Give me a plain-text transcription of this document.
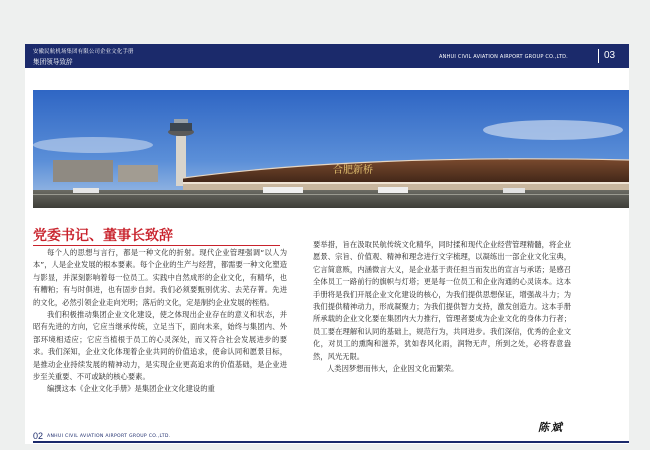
安徽民航机场集团有限公司企业文化手册
集团领导致辞
ANHUI CIVIL AVIATION AIRPORT GROUP CO.,LTD.	03
合肥新桥
党委书记、董事长致辞

每个人的思想与言行，都是一种文化的折射。现代企业管理强调“以人为本”，人是企业发展的根本要素。每个企业的生产与经营，都需要一种文化塑造与影显，并深刻影响着每一位员工。实践中自然成形的企业文化，有精华，也有糟粕；有与时俱进，也有固步自封。我们必须要甄别优劣、去芜存菁。先进的文化，必然引领企业走向光明；落后的文化，定是制约企业发展的桎梏。

我们积极推动集团企业文化建设，使之体现出企业存在的意义和状态，并昭有先进的方向，它应当继承传统，立足当下，面向未来，始终与集团内、外部环境相适应；它应当植根于员工的心灵深处，而又符合社会发展进步的要求。我们深知，企业文化体现着企业共同的价值追求，使命认同和愿景目标，是推动企业持续发展的精神动力，是实现企业更高追求的价值基础，是企业进步至关重要、不可或缺的核心要素。

编撰这本《企业文化手册》是集团企业文化建设的重

要举措，旨在汲取民航传统文化精华，同时揉和现代企业经营管理精髓，将企业愿景、宗旨、价值观、精神和理念进行文字梳理，以凝练出一部企业文化宝典，它言简意赅，内涵微言大义，是企业基于责任担当而发出的宣言与承诺；是感召全体员工一路前行的旗帜与灯塔；更是每一位员工和企业沟通的心灵读本。这本手册将是我们开展企业文化建设的核心，为我们提供思想保证，增强战斗力；为我们提供精神动力，形成凝聚力；为我们提供智力支持，激发创造力。这本手册所承载的企业文化要在集团内大力推行，管理者要成为企业文化的身体力行者；员工要在理解和认同的基础上，规范行为，共同进步。我们深信，优秀的企业文化，对员工的熏陶和滋养，犹如春风化雨，润物无声，所到之处，必将春意盎然，风光无限。

人类因梦想而伟大，企业因文化而繁荣。

陈斌
02 ANHUI CIVIL AVIATION AIRPORT GROUP CO.,LTD.
